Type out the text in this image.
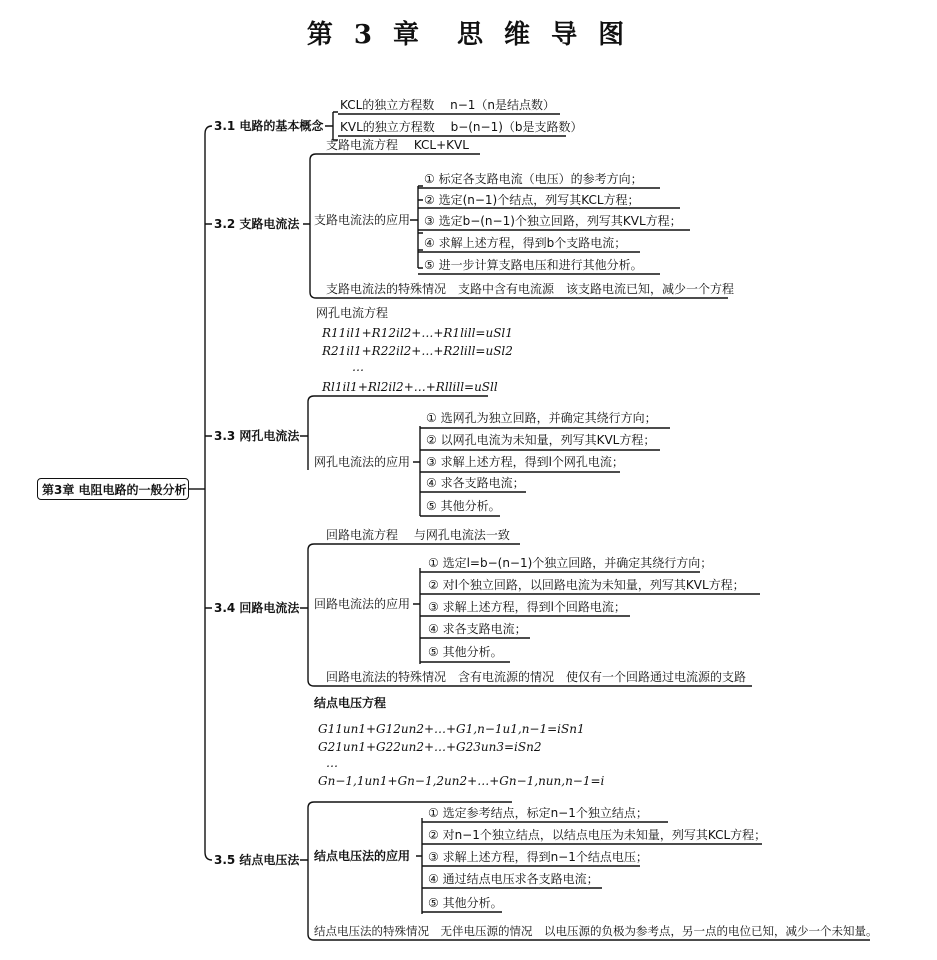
第 3 章　思 维 导 图
第3章 电阻电路的一般分析
3.1 电路的基本概念
KCL的独立方程数　 n−1（n是结点数）
KVL的独立方程数　 b−(n−1)（b是支路数）
3.2 支路电流法
支路电流方程　 KCL+KVL
支路电流法的应用
① 标定各支路电流（电压）的参考方向；
② 选定(n−1)个结点，列写其KCL方程；
③ 选定b−(n−1)个独立回路，列写其KVL方程；
④ 求解上述方程，得到b个支路电流；
⑤ 进一步计算支路电压和进行其他分析。
支路电流法的特殊情况　支路中含有电流源　该支路电流已知，减少一个方程
3.3 网孔电流法
网孔电流方程
R11il1+R12il2+…+R1lill=uSl1
R21il1+R22il2+…+R2lill=uSl2
…
Rl1il1+Rl2il2+…+Rllill=uSll
网孔电流法的应用
① 选网孔为独立回路，并确定其绕行方向；
② 以网孔电流为未知量，列写其KVL方程；
③ 求解上述方程，得到l个网孔电流；
④ 求各支路电流；
⑤ 其他分析。
3.4 回路电流法
回路电流方程　 与网孔电流法一致
回路电流法的应用
① 选定l=b−(n−1)个独立回路，并确定其绕行方向；
② 对l个独立回路，以回路电流为未知量，列写其KVL方程；
③ 求解上述方程，得到l个回路电流；
④ 求各支路电流；
⑤ 其他分析。
回路电流法的特殊情况　含有电流源的情况　使仅有一个回路通过电流源的支路
3.5 结点电压法
结点电压方程
G11un1+G12un2+…+G1,n−1u1,n−1=iSn1
G21un1+G22un2+…+G23un3=iSn2
…
Gn−1,1un1+Gn−1,2un2+…+Gn−1,nun,n−1=i
结点电压法的应用
① 选定参考结点，标定n−1个独立结点；
② 对n−1个独立结点，以结点电压为未知量，列写其KCL方程；
③ 求解上述方程，得到n−1个结点电压；
④ 通过结点电压求各支路电流；
⑤ 其他分析。
结点电压法的特殊情况　无伴电压源的情况　以电压源的负极为参考点，另一点的电位已知，减少一个未知量。
